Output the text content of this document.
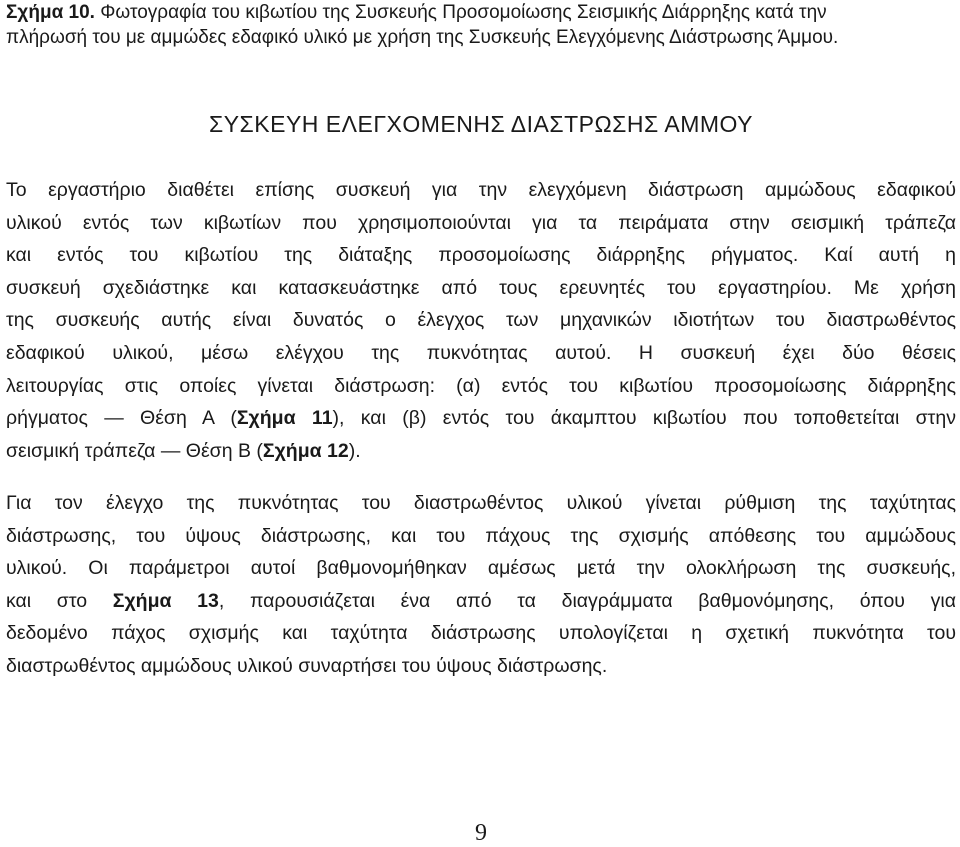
Σχήμα 10. Φωτογραφία του κιβωτίου της Συσκευής Προσομοίωσης Σεισμικής Διάρρηξης κατά την
πλήρωσή του με αμμώδες εδαφικό υλικό με χρήση της Συσκευής Ελεγχόμενης Διάστρωσης Άμμου.

ΣΥΣΚΕΥΗ ΕΛΕΓΧΟΜΕΝΗΣ ΔΙΑΣΤΡΩΣΗΣ ΑΜΜΟΥ

Το εργαστήριο διαθέτει επίσης συσκευή για την ελεγχόμενη διάστρωση αμμώδους εδαφικού
υλικού εντός των κιβωτίων που χρησιμοποιούνται για τα πειράματα στην σεισμική τράπεζα
και εντός του κιβωτίου της διάταξης προσομοίωσης διάρρηξης ρήγματος. Καί αυτή η
συσκευή σχεδιάστηκε και κατασκευάστηκε από τους ερευνητές του εργαστηρίου. Με χρήση
της συσκευής αυτής είναι δυνατός ο έλεγχος των μηχανικών ιδιοτήτων του διαστρωθέντος
εδαφικού υλικού, μέσω ελέγχου της πυκνότητας αυτού. Η συσκευή έχει δύο θέσεις
λειτουργίας στις οποίες γίνεται διάστρωση: (α) εντός του κιβωτίου προσομοίωσης διάρρηξης
ρήγματος — Θέση Α (Σχήμα 11), και (β) εντός του άκαμπτου κιβωτίου που τοποθετείται στην
σεισμική τράπεζα — Θέση Β (Σχήμα 12).

Για τον έλεγχο της πυκνότητας του διαστρωθέντος υλικού γίνεται ρύθμιση της ταχύτητας
διάστρωσης, του ύψους διάστρωσης, και του πάχους της σχισμής απόθεσης του αμμώδους
υλικού. Οι παράμετροι αυτοί βαθμονομήθηκαν αμέσως μετά την ολοκλήρωση της συσκευής,
και στο Σχήμα 13, παρουσιάζεται ένα από τα διαγράμματα βαθμονόμησης, όπου για
δεδομένο πάχος σχισμής και ταχύτητα διάστρωσης υπολογίζεται η σχετική πυκνότητα του
διαστρωθέντος αμμώδους υλικού συναρτήσει του ύψους διάστρωσης.

9
